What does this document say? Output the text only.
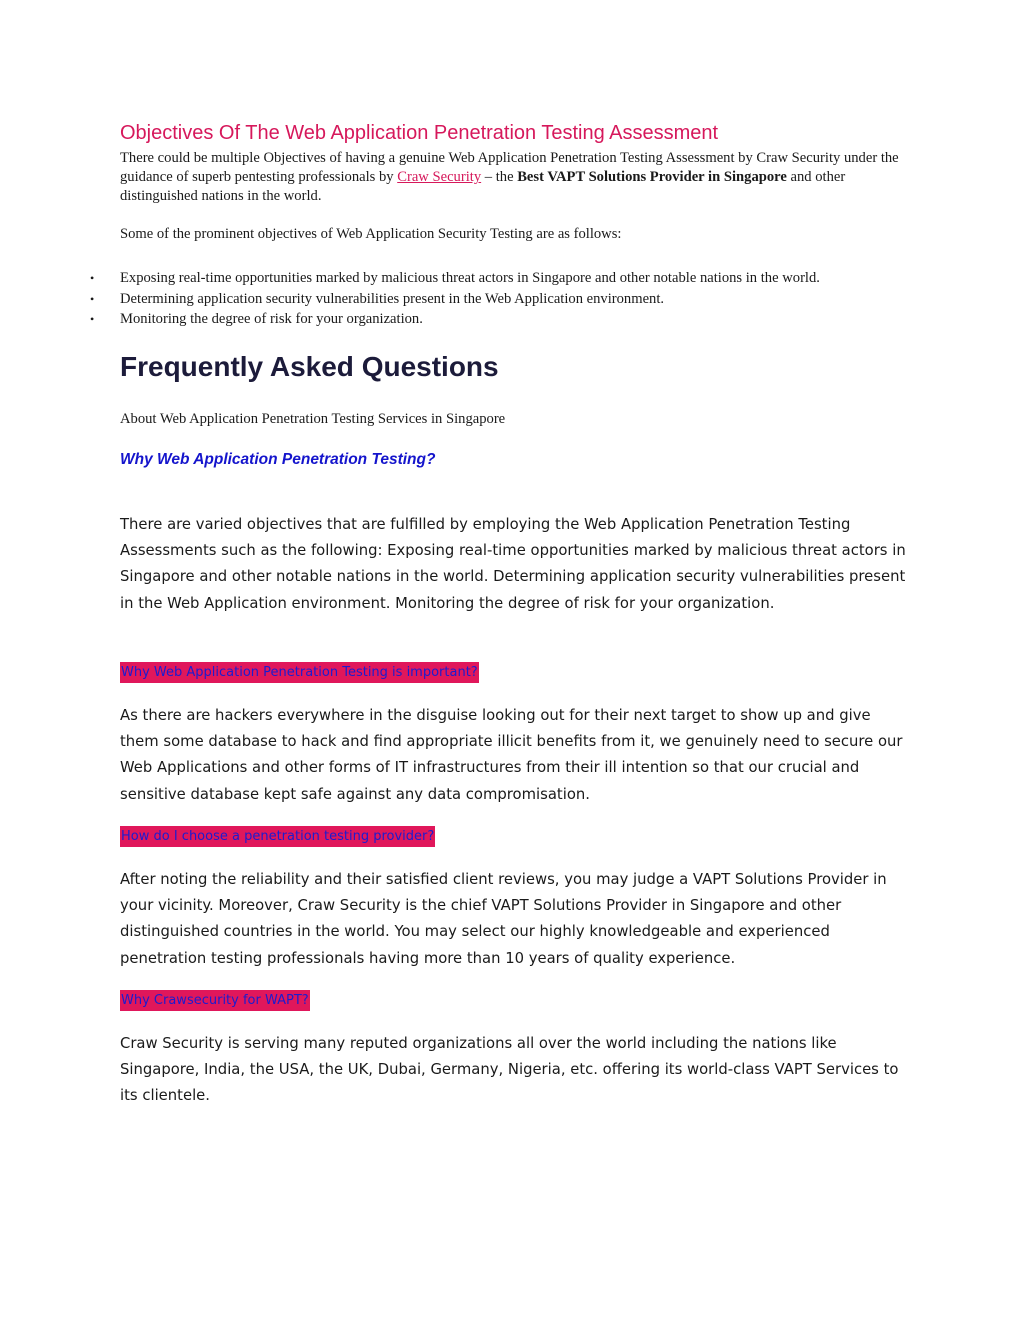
Objectives Of The Web Application Penetration Testing Assessment

There could be multiple Objectives of having a genuine Web Application Penetration Testing Assessment by Craw Security under the guidance of superb pentesting professionals by Craw Security – the Best VAPT Solutions Provider in Singapore and other distinguished nations in the world.

Some of the prominent objectives of Web Application Security Testing are as follows:

• Exposing real-time opportunities marked by malicious threat actors in Singapore and other notable nations in the world.
• Determining application security vulnerabilities present in the Web Application environment.
• Monitoring the degree of risk for your organization.
Frequently Asked Questions

About Web Application Penetration Testing Services in Singapore

Why Web Application Penetration Testing?

There are varied objectives that are fulfilled by employing the Web Application Penetration Testing Assessments such as the following: Exposing real-time opportunities marked by malicious threat actors in Singapore and other notable nations in the world. Determining application security vulnerabilities present in the Web Application environment. Monitoring the degree of risk for your organization.

Why Web Application Penetration Testing is important?

As there are hackers everywhere in the disguise looking out for their next target to show up and give them some database to hack and find appropriate illicit benefits from it, we genuinely need to secure our Web Applications and other forms of IT infrastructures from their ill intention so that our crucial and sensitive database kept safe against any data compromisation.

How do I choose a penetration testing provider?

After noting the reliability and their satisfied client reviews, you may judge a VAPT Solutions Provider in your vicinity. Moreover, Craw Security is the chief VAPT Solutions Provider in Singapore and other distinguished countries in the world. You may select our highly knowledgeable and experienced penetration testing professionals having more than 10 years of quality experience.

Why Crawsecurity for WAPT?

Craw Security is serving many reputed organizations all over the world including the nations like Singapore, India, the USA, the UK, Dubai, Germany, Nigeria, etc. offering its world-class VAPT Services to its clientele.
